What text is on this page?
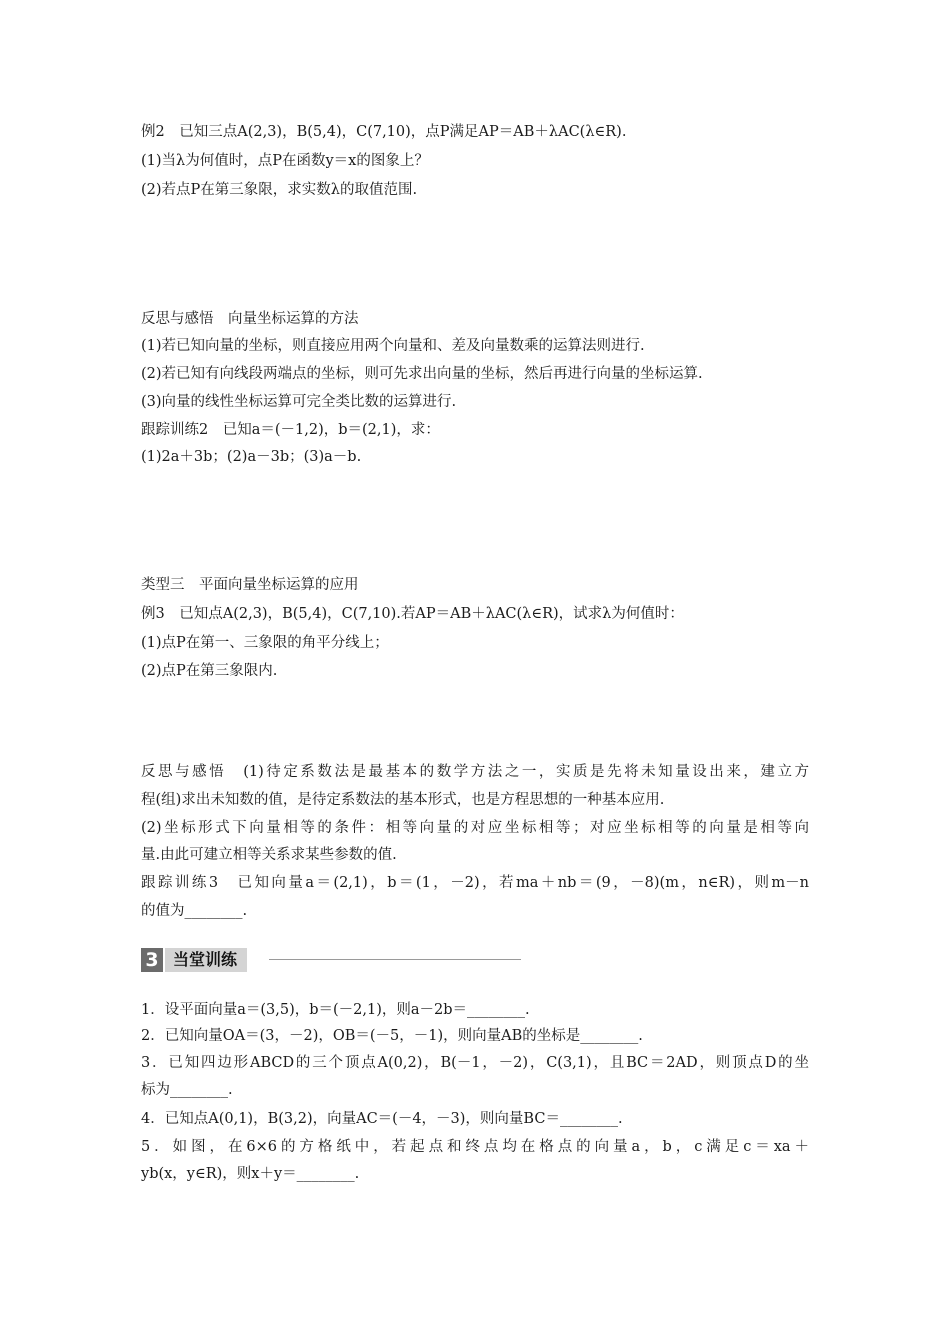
例2　已知三点A(2,3)，B(5,4)，C(7,10)，点P满足AP＝AB＋λAC(λ∈R).
(1)当λ为何值时，点P在函数y＝x的图象上？
(2)若点P在第三象限，求实数λ的取值范围.
反思与感悟　向量坐标运算的方法
(1)若已知向量的坐标，则直接应用两个向量和、差及向量数乘的运算法则进行.
(2)若已知有向线段两端点的坐标，则可先求出向量的坐标，然后再进行向量的坐标运算.
(3)向量的线性坐标运算可完全类比数的运算进行.
跟踪训练2　已知a＝(－1,2)，b＝(2,1)，求：
(1)2a＋3b；(2)a－3b；(3)a－b.
类型三　平面向量坐标运算的应用
例3　已知点A(2,3)，B(5,4)，C(7,10).若AP＝AB＋λAC(λ∈R)，试求λ为何值时：
(1)点P在第一、三象限的角平分线上；
(2)点P在第三象限内.
反思与感悟　(1)待定系数法是最基本的数学方法之一，实质是先将未知量设出来，建立方
程(组)求出未知数的值，是待定系数法的基本形式，也是方程思想的一种基本应用.
(2)坐标形式下向量相等的条件：相等向量的对应坐标相等；对应坐标相等的向量是相等向
量.由此可建立相等关系求某些参数的值.
跟踪训练3　已知向量a＝(2,1)，b＝(1，－2)，若ma＋nb＝(9，－8)(m，n∈R)，则m－n
的值为________.
3 当堂训练
1．设平面向量a＝(3,5)，b＝(－2,1)，则a－2b＝________.
2．已知向量OA＝(3，－2)，OB＝(－5，－1)，则向量AB的坐标是________.
3．已知四边形ABCD的三个顶点A(0,2)，B(－1，－2)，C(3,1)，且BC＝2AD，则顶点D的坐
标为________.
4．已知点A(0,1)，B(3,2)，向量AC＝(－4，－3)，则向量BC＝________.
5．如图，在6×6的方格纸中，若起点和终点均在格点的向量a，b，c满足c＝xa＋
yb(x，y∈R)，则x＋y＝________.
